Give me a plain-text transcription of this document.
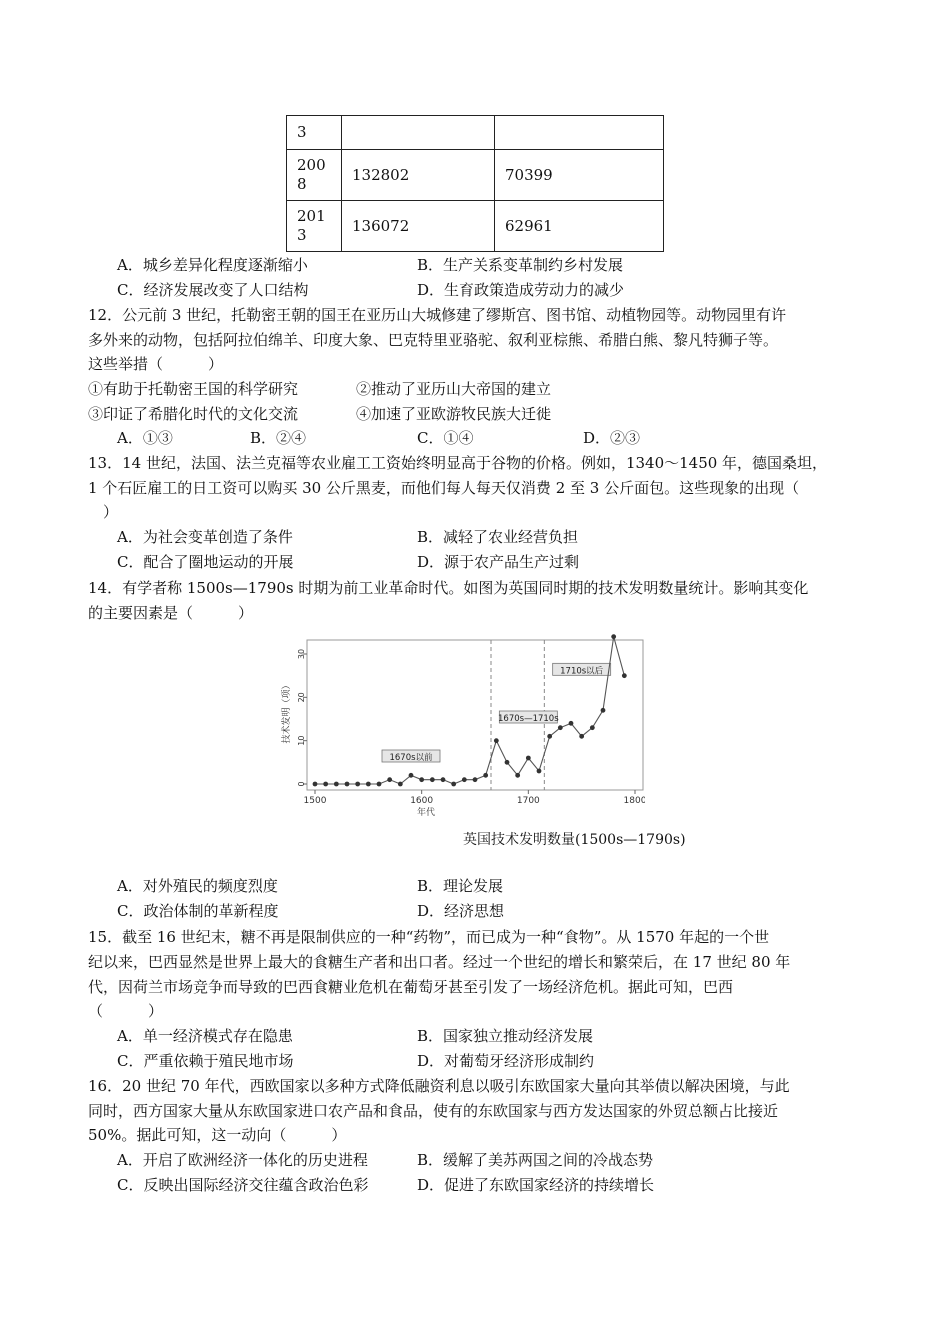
3		
200
8	132802	70399
201
3	136072	62961
A．城乡差异化程度逐渐缩小	B．生产关系变革制约乡村发展
C．经济发展改变了人口结构	D．生育政策造成劳动力的减少
12．公元前 3 世纪，托勒密王朝的国王在亚历山大城修建了缪斯宫、图书馆、动植物园等。动物园里有许
多外来的动物，包括阿拉伯绵羊、印度大象、巴克特里亚骆驼、叙利亚棕熊、希腊白熊、黎凡特狮子等。
这些举措（　　　）
①有助于托勒密王国的科学研究	②推动了亚历山大帝国的建立
③印证了希腊化时代的文化交流	④加速了亚欧游牧民族大迁徙
A．①③	B．②④	C．①④	D．②③
13．14 世纪，法国、法兰克福等农业雇工工资始终明显高于谷物的价格。例如，1340～1450 年，德国桑坦，
1 个石匠雇工的日工资可以购买 30 公斤黑麦，而他们每人每天仅消费 2 至 3 公斤面包。这些现象的出现（
　）
A．为社会变革创造了条件	B．减轻了农业经营负担
C．配合了圈地运动的开展	D．源于农产品生产过剩
14．有学者称 1500s—1790s 时期为前工业革命时代。如图为英国同时期的技术发明数量统计。影响其变化
的主要因素是（　　　）
0
10
20
30
1500	1600	1700	1800
年代
技术发明（项）
1670s以前
1670s—1710s
1710s以后
英国技术发明数量(1500s—1790s)
A．对外殖民的频度烈度	B．理论发展
C．政治体制的革新程度	D．经济思想
15．截至 16 世纪末，糖不再是限制供应的一种“药物”，而已成为一种“食物”。从 1570 年起的一个世
纪以来，巴西显然是世界上最大的食糖生产者和出口者。经过一个世纪的增长和繁荣后，在 17 世纪 80 年
代，因荷兰市场竞争而导致的巴西食糖业危机在葡萄牙甚至引发了一场经济危机。据此可知，巴西
（　　　）
A．单一经济模式存在隐患	B．国家独立推动经济发展
C．严重依赖于殖民地市场	D．对葡萄牙经济形成制约
16．20 世纪 70 年代，西欧国家以多种方式降低融资利息以吸引东欧国家大量向其举债以解决困境，与此
同时，西方国家大量从东欧国家进口农产品和食品，使有的东欧国家与西方发达国家的外贸总额占比接近
50%。据此可知，这一动向（　　　）
A．开启了欧洲经济一体化的历史进程	B．缓解了美苏两国之间的冷战态势
C．反映出国际经济交往蕴含政治色彩	D．促进了东欧国家经济的持续增长
